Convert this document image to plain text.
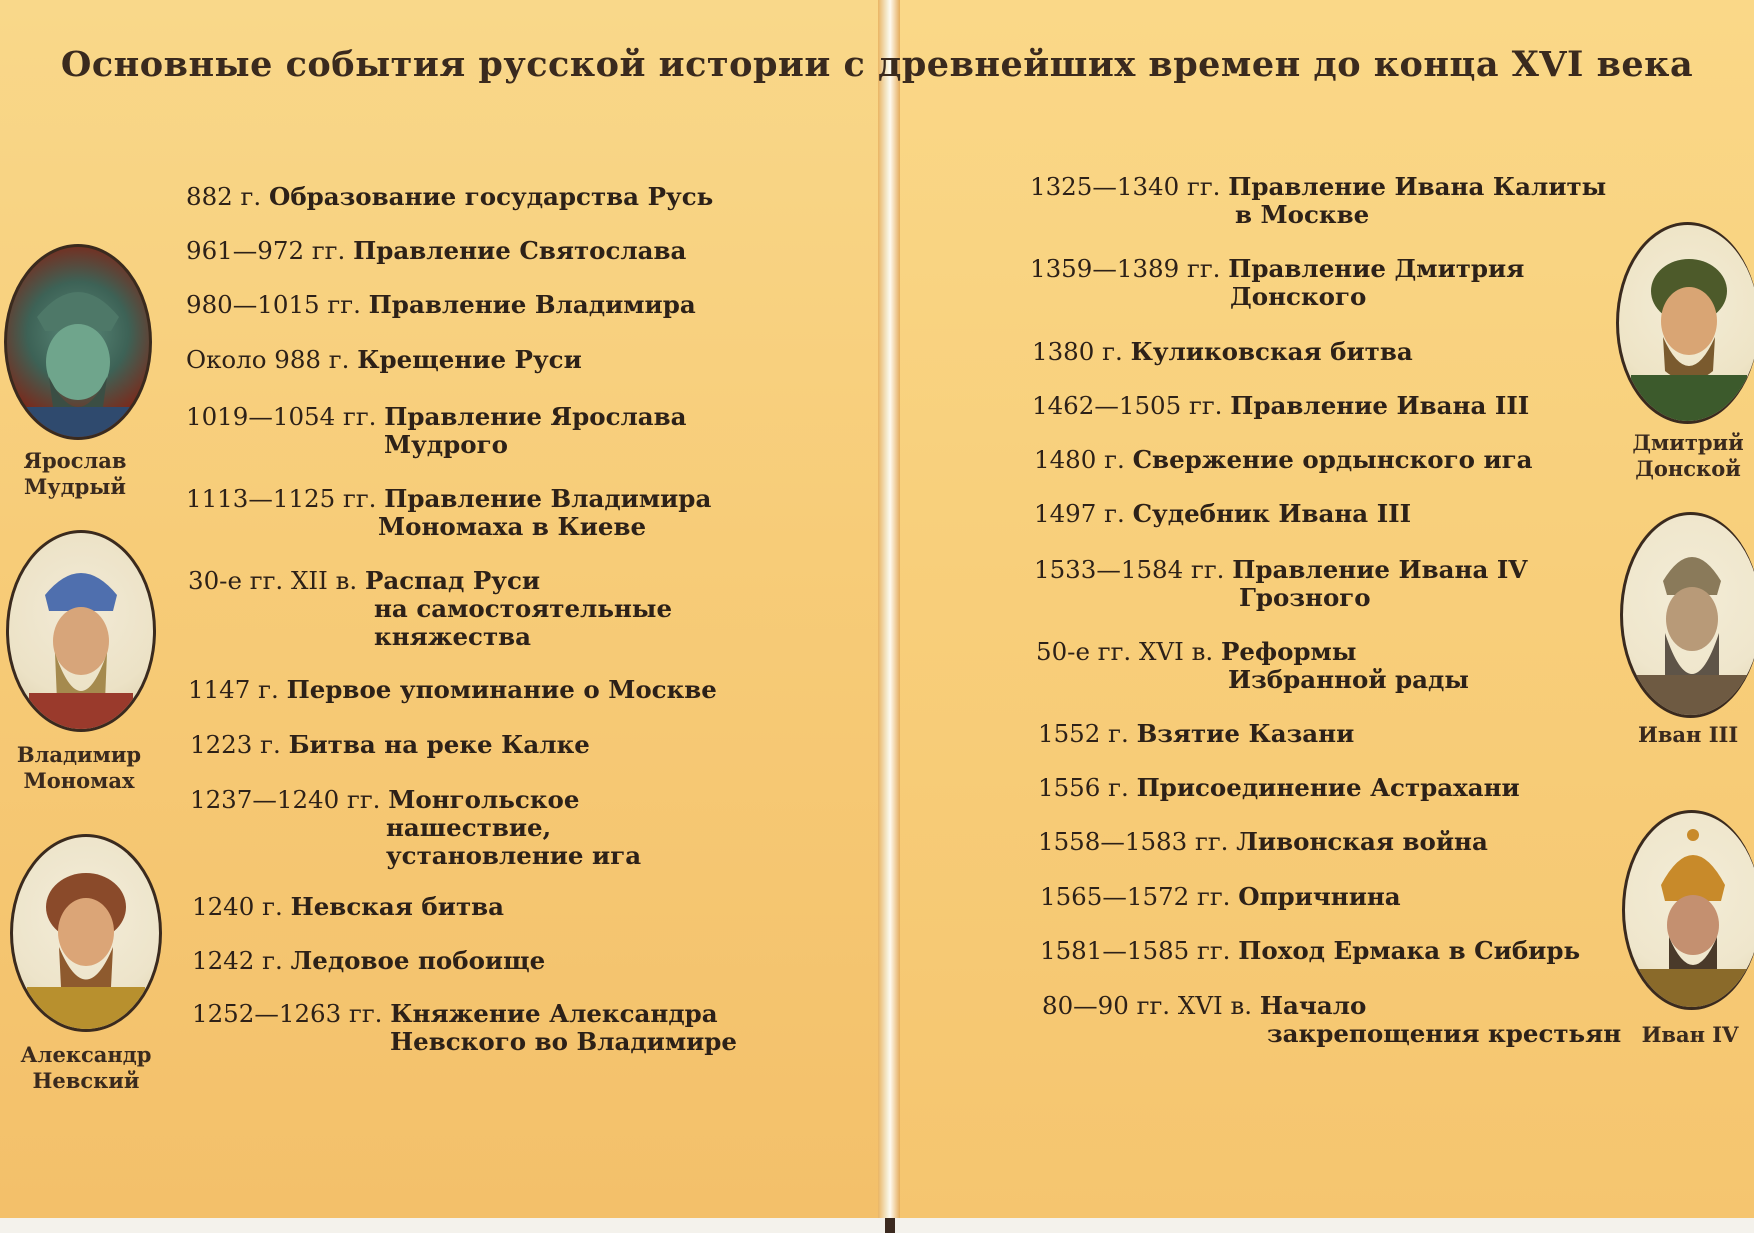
Основные события русской истории с древнейших времен до конца XVI века
882 г. Образование государства Русь
961—972 гг. Правление Святослава
980—1015 гг. Правление Владимира
Около 988 г. Крещение Руси
1019—1054 гг. Правление Ярослава
Мудрого
1113—1125 гг. Правление Владимира
Мономаха в Киеве
30-е гг. XII в. Распад Руси
на самостоятельные
княжества
1147 г. Первое упоминание о Москве
1223 г. Битва на реке Калке
1237—1240 гг. Монгольское
нашествие,
установление ига
1240 г. Невская битва
1242 г. Ледовое побоище
1252—1263 гг. Княжение Александра
Невского во Владимире
1325—1340 гг. Правление Ивана Калиты
в Москве
1359—1389 гг. Правление Дмитрия
Донского
1380 г. Куликовская битва
1462—1505 гг. Правление Ивана III
1480 г. Свержение ордынского ига
1497 г. Судебник Ивана III
1533—1584 гг. Правление Ивана IV
Грозного
50-е гг. XVI в. Реформы
Избранной рады
1552 г. Взятие Казани
1556 г. Присоединение Астрахани
1558—1583 гг. Ливонская война
1565—1572 гг. Опричнина
1581—1585 гг. Поход Ермака в Сибирь
80—90 гг. XVI в. Начало
закрепощения крестьян
Ярослав
Мудрый
Владимир
Мономах
Александр
Невский
Дмитрий
Донской
Иван III
Иван IV
